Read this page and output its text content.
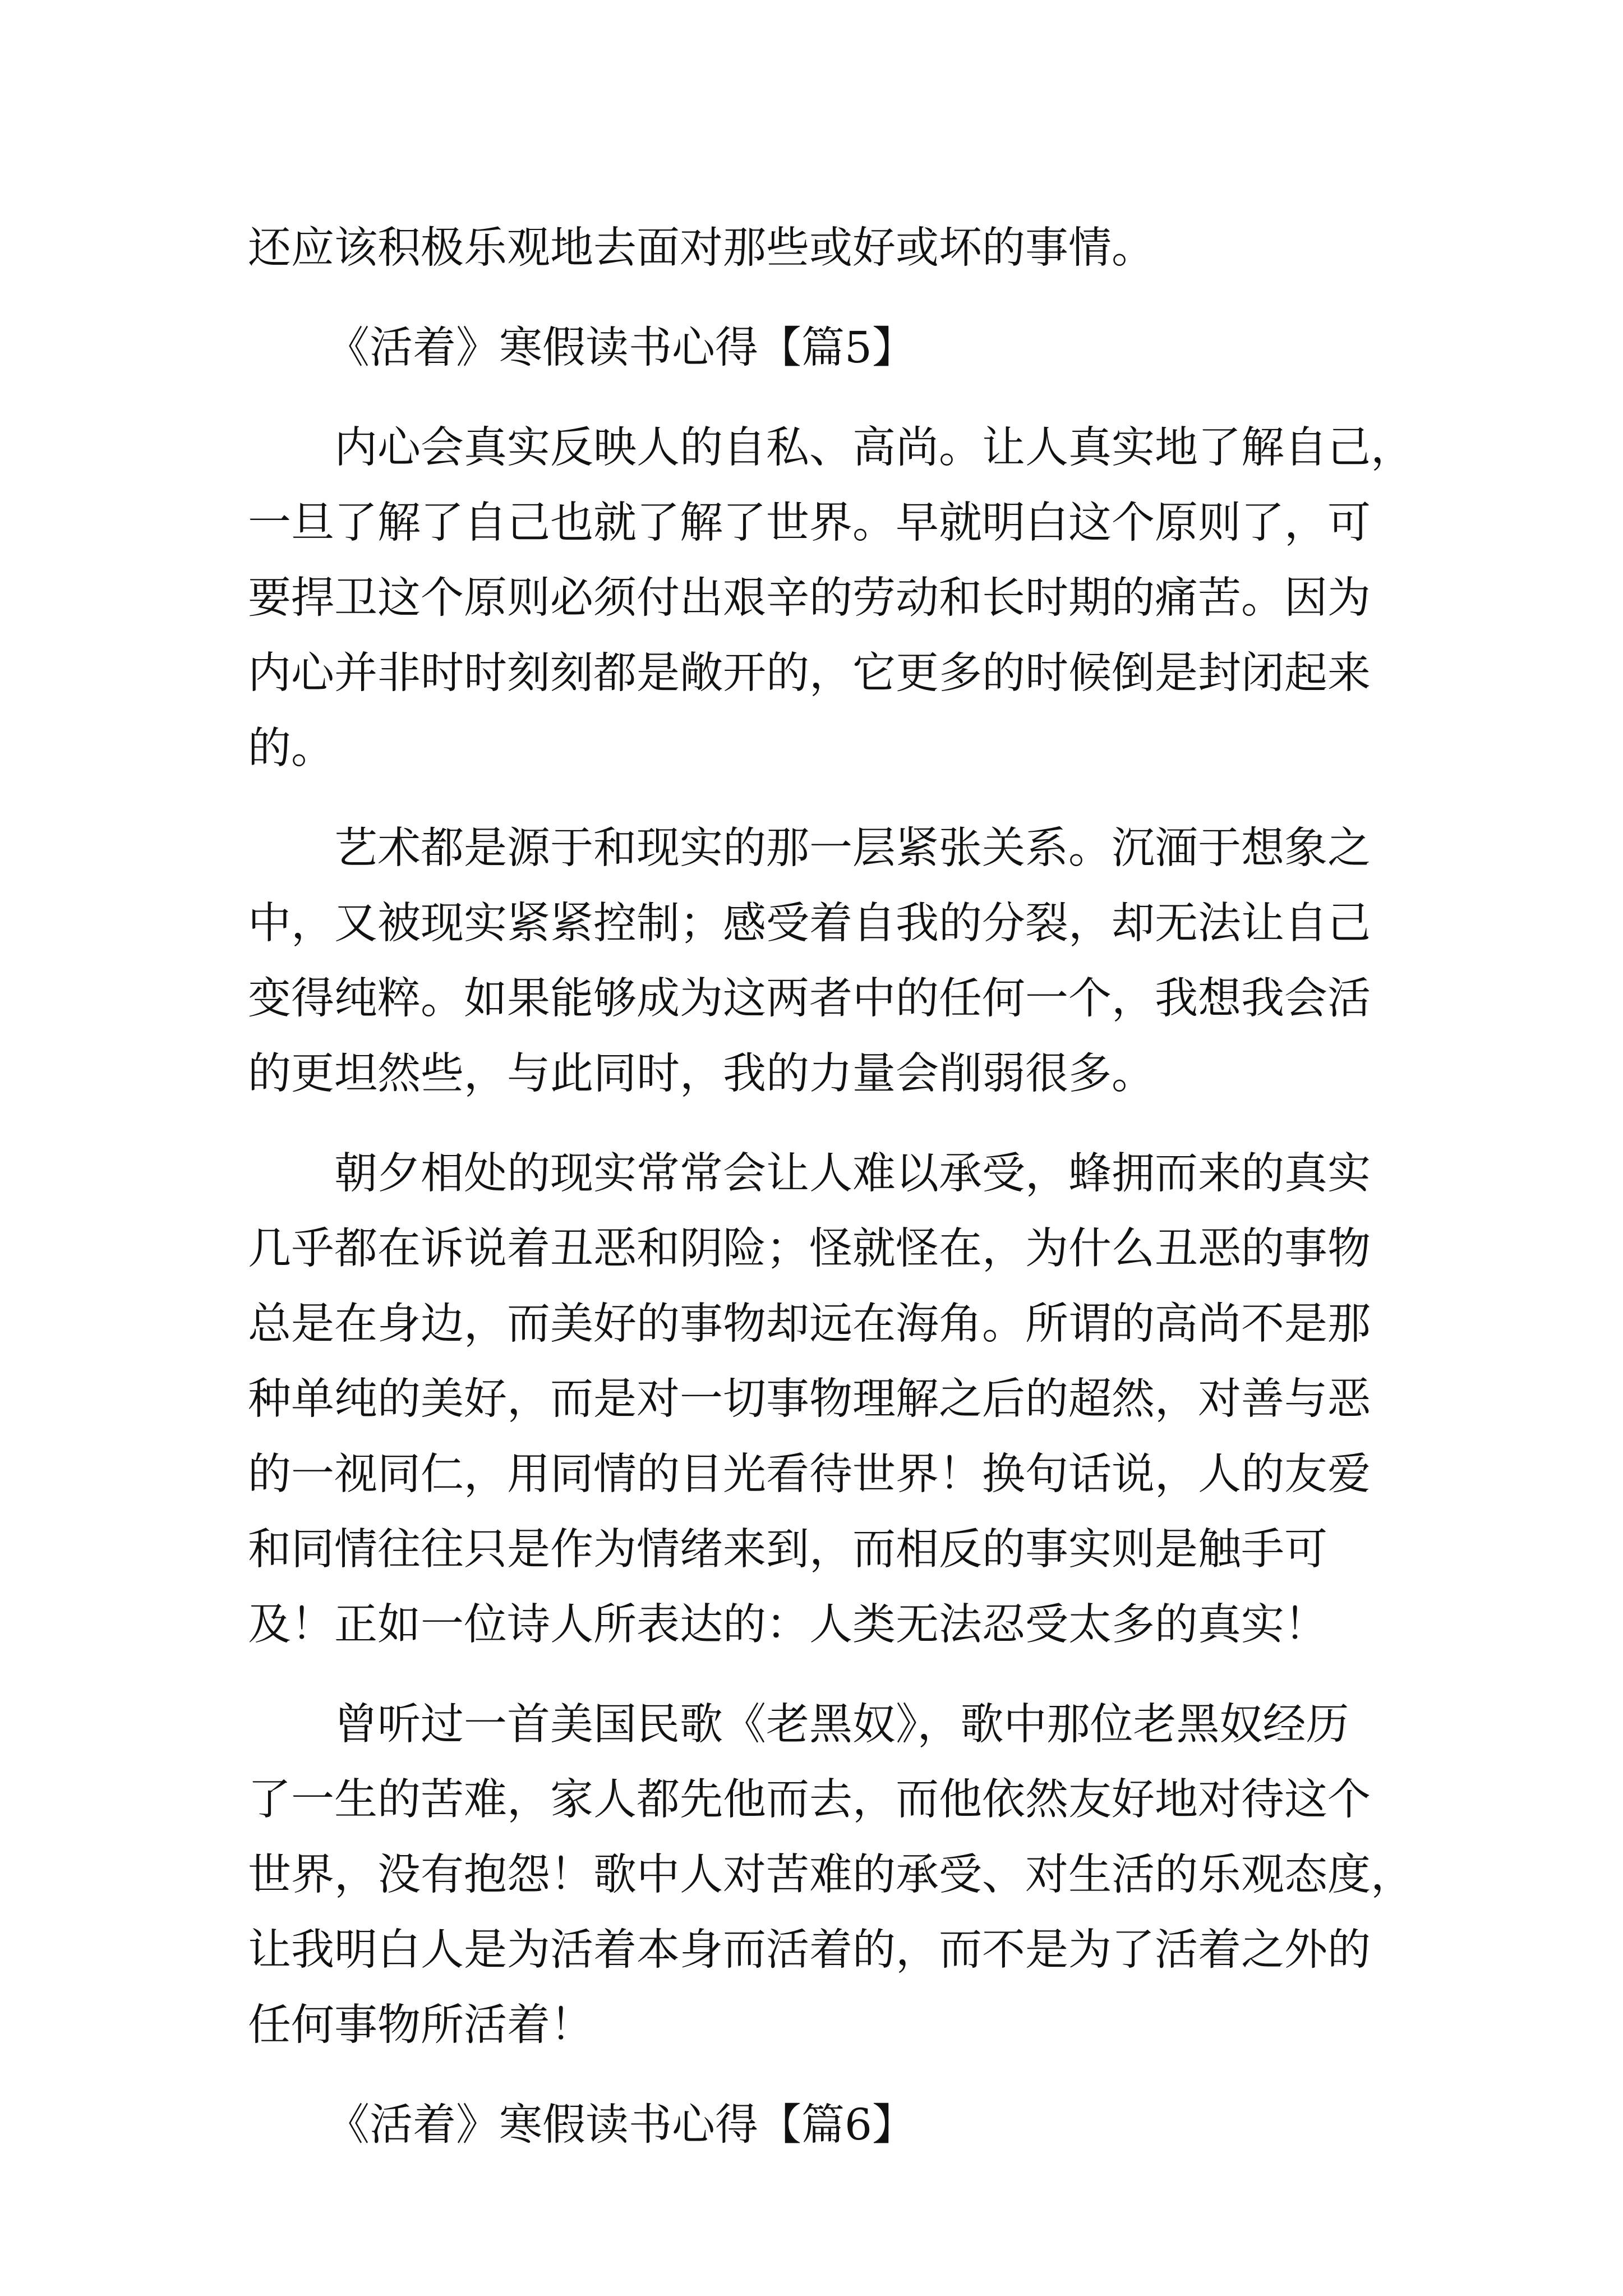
还应该积极乐观地去面对那些或好或坏的事情。
《活着》寒假读书心得【篇5】
内心会真实反映人的自私、高尚。让人真实地了解自己，
一旦了解了自己也就了解了世界。早就明白这个原则了，可
要捍卫这个原则必须付出艰辛的劳动和长时期的痛苦。因为
内心并非时时刻刻都是敞开的，它更多的时候倒是封闭起来
的。
艺术都是源于和现实的那一层紧张关系。沉湎于想象之
中，又被现实紧紧控制；感受着自我的分裂，却无法让自己
变得纯粹。如果能够成为这两者中的任何一个，我想我会活
的更坦然些，与此同时，我的力量会削弱很多。
朝夕相处的现实常常会让人难以承受，蜂拥而来的真实
几乎都在诉说着丑恶和阴险；怪就怪在，为什么丑恶的事物
总是在身边，而美好的事物却远在海角。所谓的高尚不是那
种单纯的美好，而是对一切事物理解之后的超然，对善与恶
的一视同仁，用同情的目光看待世界！换句话说，人的友爱
和同情往往只是作为情绪来到，而相反的事实则是触手可
及！正如一位诗人所表达的：人类无法忍受太多的真实！
曾听过一首美国民歌《老黑奴》，歌中那位老黑奴经历
了一生的苦难，家人都先他而去，而他依然友好地对待这个
世界，没有抱怨！歌中人对苦难的承受、对生活的乐观态度，
让我明白人是为活着本身而活着的，而不是为了活着之外的
任何事物所活着！
《活着》寒假读书心得【篇6】
